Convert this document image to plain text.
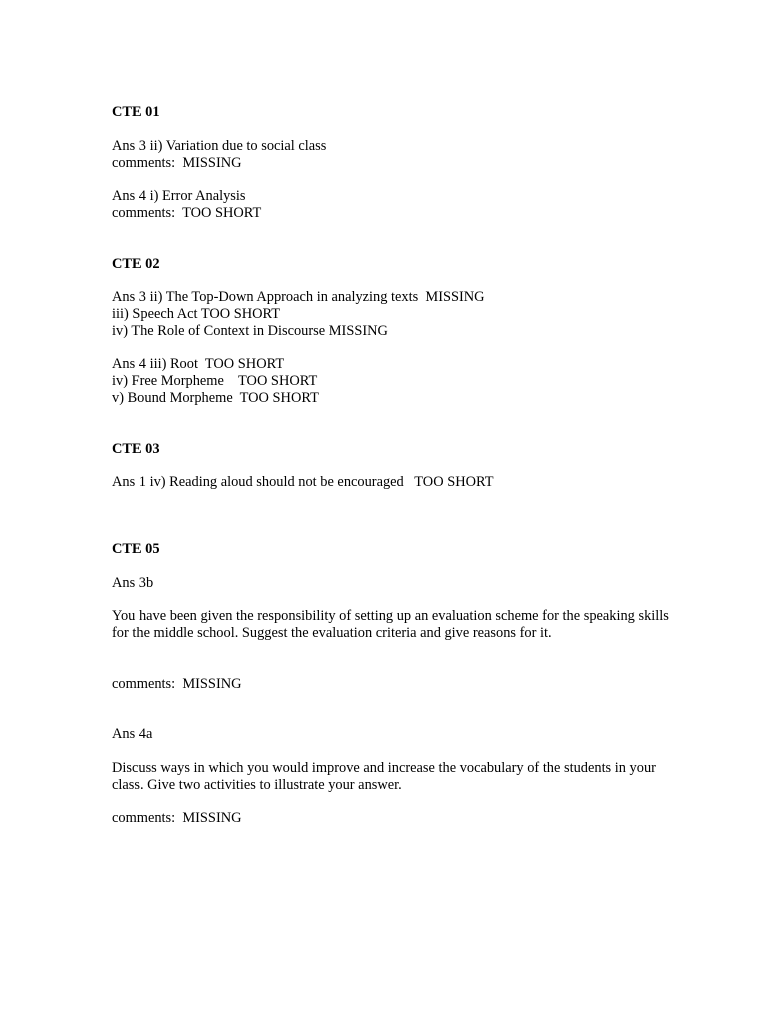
CTE 01
Ans 3 ii) Variation due to social class
comments:  MISSING
Ans 4 i) Error Analysis
comments:  TOO SHORT
CTE 02
Ans 3 ii) The Top-Down Approach in analyzing texts  MISSING
iii) Speech Act TOO SHORT
iv) The Role of Context in Discourse MISSING
Ans 4 iii) Root  TOO SHORT
iv) Free Morpheme    TOO SHORT
v) Bound Morpheme  TOO SHORT
CTE 03
Ans 1 iv) Reading aloud should not be encouraged   TOO SHORT
CTE 05
Ans 3b
You have been given the responsibility of setting up an evaluation scheme for the speaking skills for the middle school. Suggest the evaluation criteria and give reasons for it.
comments:  MISSING
Ans 4a
Discuss ways in which you would improve and increase the vocabulary of the students in your class. Give two activities to illustrate your answer.
comments:  MISSING
